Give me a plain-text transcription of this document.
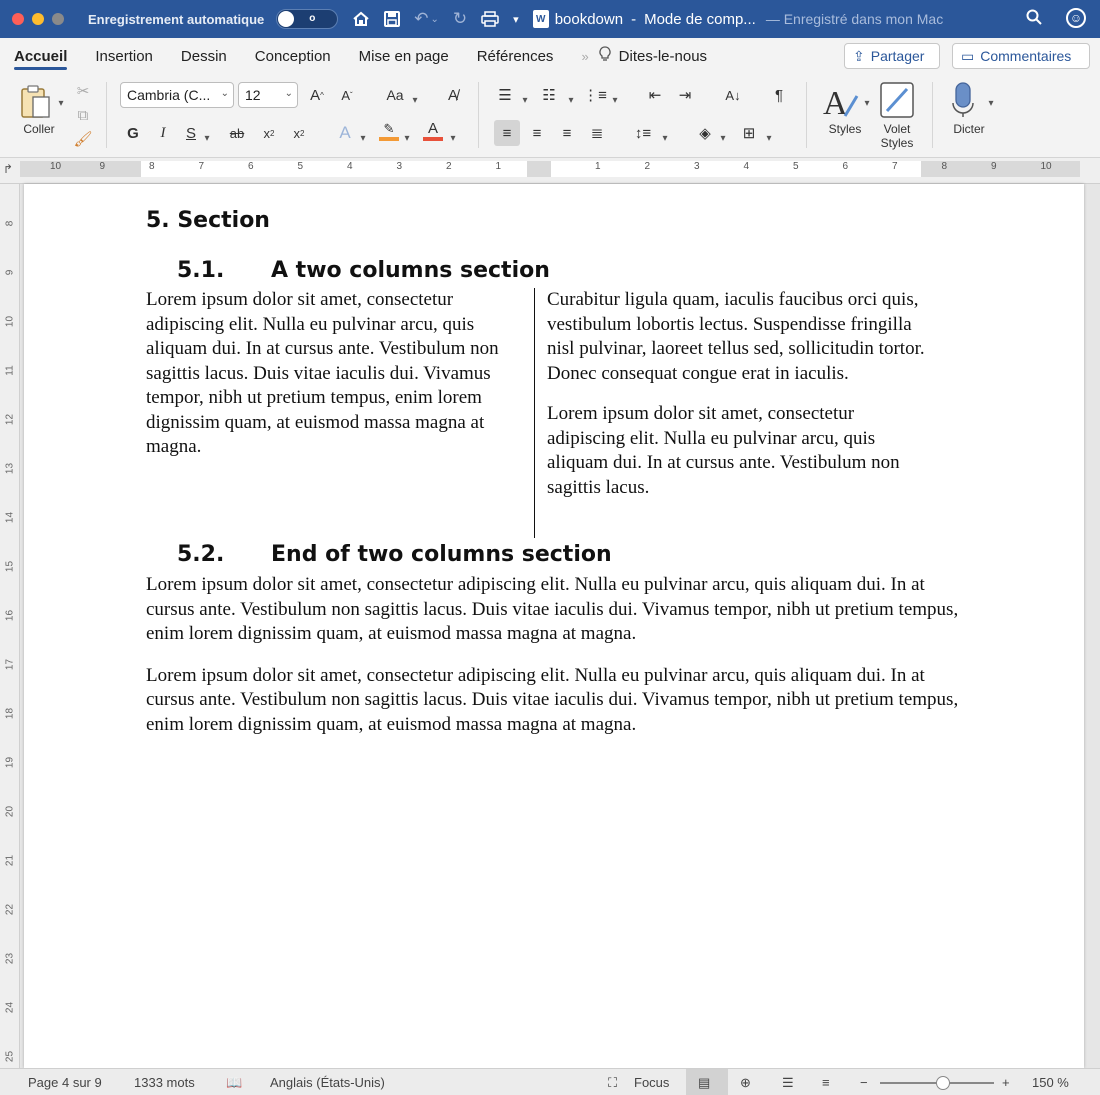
Enregistrement automatique	o	↶ ⌄ ↻	▾	W bookdown - Mode de comp... — Enregistré dans mon Mac	☺
Accueil Insertion Dessin Conception Mise en page Références » Dites-le-nous	⇪ Partager	▭ Commentaires
▾
Coller
✂
⧉
🖌
Cambria (C... ⌄ 12 ⌄ A ^	A ˇ Aa ▾	A̸
G I S ▾ ab	x 2	x 2	A ▾
✎
▾
A
▾
☰	▾ ☷	▾ ⋮≡ ▾	⇤	⇥	A↓	¶
≡	≡	≡	≣	↕≡ ▾	◈ ▾	⊞	▾
A ▾
Styles	Volet
Styles
▾
Dicter
↱	10	9	8	7	6	5	4	3	2	1	1	2	3	4	5	6	7	8	9	10
8
9
10
11
12
13
14
15
16
17
18
19
20
21
22
23
24
25
5. Section
5.1. A two columns section

Lorem ipsum dolor sit amet, consectetur adipiscing elit. Nulla eu pulvinar arcu, quis aliquam dui. In at cursus ante. Vestibulum non sagittis lacus. Duis vitae iaculis dui. Vivamus tempor, nibh ut pretium tempus, enim lorem dignissim quam, at euismod massa magna at magna.

Curabitur ligula quam, iaculis faucibus orci quis, vestibulum lobortis lectus. Suspendisse fringilla nisl pulvinar, laoreet tellus sed, sollicitudin tortor. Donec consequat congue erat in iaculis.

Lorem ipsum dolor sit amet, consectetur adipiscing elit. Nulla eu pulvinar arcu, quis aliquam dui. In at cursus ante. Vestibulum non sagittis lacus.

5.2. End of two columns section

Lorem ipsum dolor sit amet, consectetur adipiscing elit. Nulla eu pulvinar arcu, quis aliquam dui. In at cursus ante. Vestibulum non sagittis lacus. Duis vitae iaculis dui. Vivamus tempor, nibh ut pretium tempus, enim lorem dignissim quam, at euismod massa magna at magna.

Lorem ipsum dolor sit amet, consectetur adipiscing elit. Nulla eu pulvinar arcu, quis aliquam dui. In at cursus ante. Vestibulum non sagittis lacus. Duis vitae iaculis dui. Vivamus tempor, nibh ut pretium tempus, enim lorem dignissim quam, at euismod massa magna at magna.

Page 4 sur 9 1333 mots 📖 Anglais (États-Unis)	⛶ Focus ▤ ⊕ ☰ ≡ −	+ 150 %
